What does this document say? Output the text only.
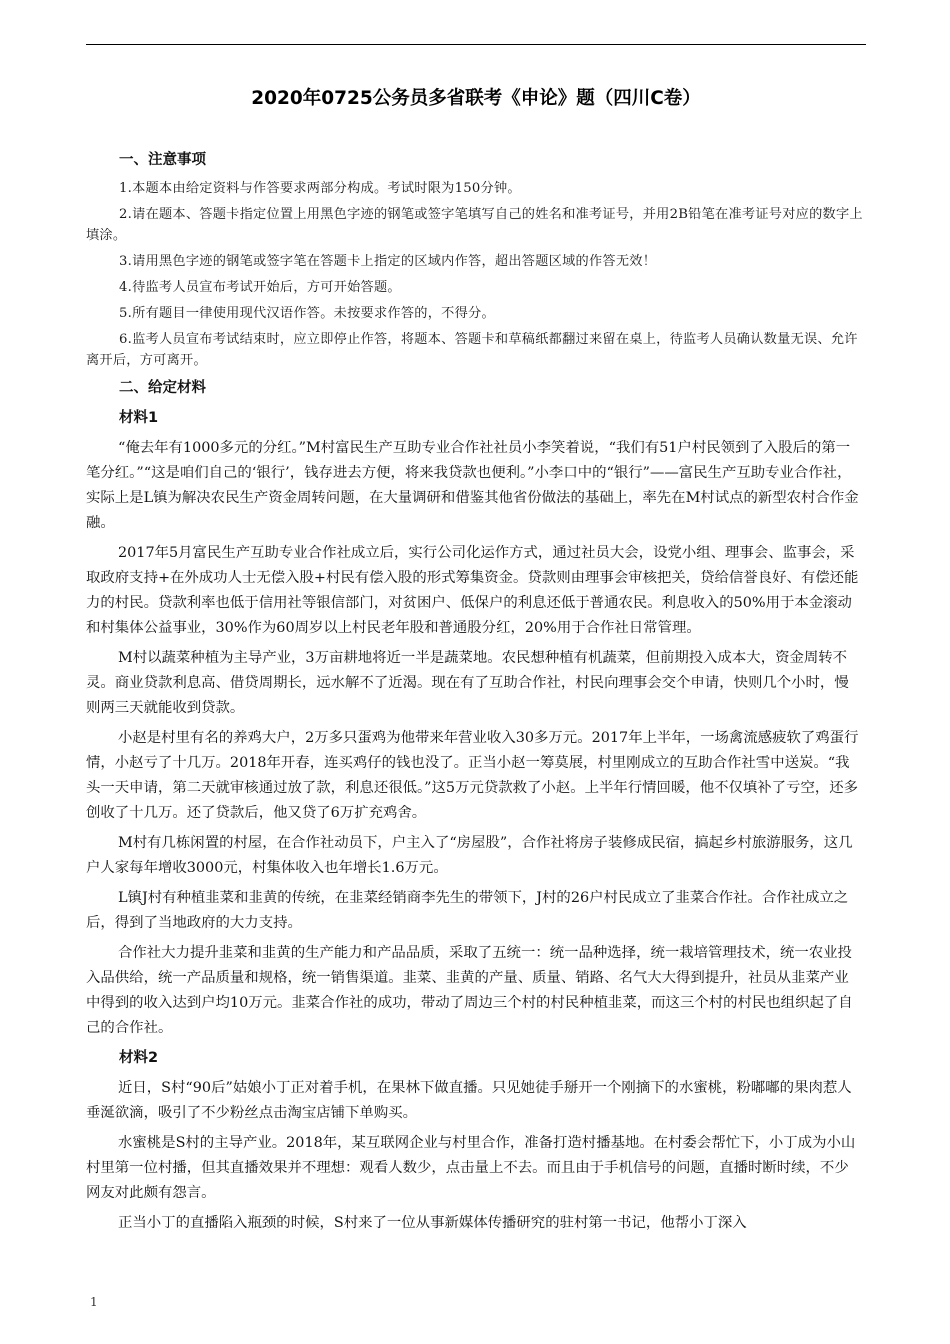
2020年0725公务员多省联考《申论》题（四川C卷）
一、注意事项

1.本题本由给定资料与作答要求两部分构成。考试时限为150分钟。

2.请在题本、答题卡指定位置上用黑色字迹的钢笔或签字笔填写自己的姓名和准考证号，并用2B铅笔在准考证号对应的数字上填涂。

3.请用黑色字迹的钢笔或签字笔在答题卡上指定的区域内作答，超出答题区域的作答无效！

4.待监考人员宣布考试开始后，方可开始答题。

5.所有题目一律使用现代汉语作答。未按要求作答的，不得分。

6.监考人员宣布考试结束时，应立即停止作答，将题本、答题卡和草稿纸都翻过来留在桌上，待监考人员确认数量无误、允许离开后，方可离开。

二、给定材料
材料1

“俺去年有1000多元的分红。”M村富民生产互助专业合作社社员小李笑着说，“我们有51户村民领到了入股后的第一笔分红。”“这是咱们自己的‘银行’，钱存进去方便，将来我贷款也便利。”小李口中的“银行”——富民生产互助专业合作社，实际上是L镇为解决农民生产资金周转问题，在大量调研和借鉴其他省份做法的基础上，率先在M村试点的新型农村合作金融。

2017年5月富民生产互助专业合作社成立后，实行公司化运作方式，通过社员大会，设党小组、理事会、监事会，采取政府支持+在外成功人士无偿入股+村民有偿入股的形式筹集资金。贷款则由理事会审核把关，贷给信誉良好、有偿还能力的村民。贷款利率也低于信用社等银信部门，对贫困户、低保户的利息还低于普通农民。利息收入的50%用于本金滚动和村集体公益事业，30%作为60周岁以上村民老年股和普通股分红，20%用于合作社日常管理。

M村以蔬菜种植为主导产业，3万亩耕地将近一半是蔬菜地。农民想种植有机蔬菜，但前期投入成本大，资金周转不灵。商业贷款利息高、借贷周期长，远水解不了近渴。现在有了互助合作社，村民向理事会交个申请，快则几个小时，慢则两三天就能收到贷款。

小赵是村里有名的养鸡大户，2万多只蛋鸡为他带来年营业收入30多万元。2017年上半年，一场禽流感疲软了鸡蛋行情，小赵亏了十几万。2018年开春，连买鸡仔的钱也没了。正当小赵一筹莫展，村里刚成立的互助合作社雪中送炭。“我头一天申请，第二天就审核通过放了款，利息还很低。”这5万元贷款救了小赵。上半年行情回暖，他不仅填补了亏空，还多创收了十几万。还了贷款后，他又贷了6万扩充鸡舍。

M村有几栋闲置的村屋，在合作社动员下，户主入了“房屋股”，合作社将房子装修成民宿，搞起乡村旅游服务，这几户人家每年增收3000元，村集体收入也年增长1.6万元。

L镇J村有种植韭菜和韭黄的传统，在韭菜经销商李先生的带领下，J村的26户村民成立了韭菜合作社。合作社成立之后，得到了当地政府的大力支持。

合作社大力提升韭菜和韭黄的生产能力和产品品质，采取了五统一：统一品种选择，统一栽培管理技术，统一农业投入品供给，统一产品质量和规格，统一销售渠道。韭菜、韭黄的产量、质量、销路、名气大大得到提升，社员从韭菜产业中得到的收入达到户均10万元。韭菜合作社的成功，带动了周边三个村的村民种植韭菜，而这三个村的村民也组织起了自己的合作社。

材料2

近日，S村“90后”姑娘小丁正对着手机，在果林下做直播。只见她徒手掰开一个刚摘下的水蜜桃，粉嘟嘟的果肉惹人垂涎欲滴，吸引了不少粉丝点击淘宝店铺下单购买。

水蜜桃是S村的主导产业。2018年，某互联网企业与村里合作，准备打造村播基地。在村委会帮忙下，小丁成为小山村里第一位村播，但其直播效果并不理想：观看人数少，点击量上不去。而且由于手机信号的问题，直播时断时续，不少网友对此颇有怨言。

正当小丁的直播陷入瓶颈的时候，S村来了一位从事新媒体传播研究的驻村第一书记，他帮小丁深入

1
